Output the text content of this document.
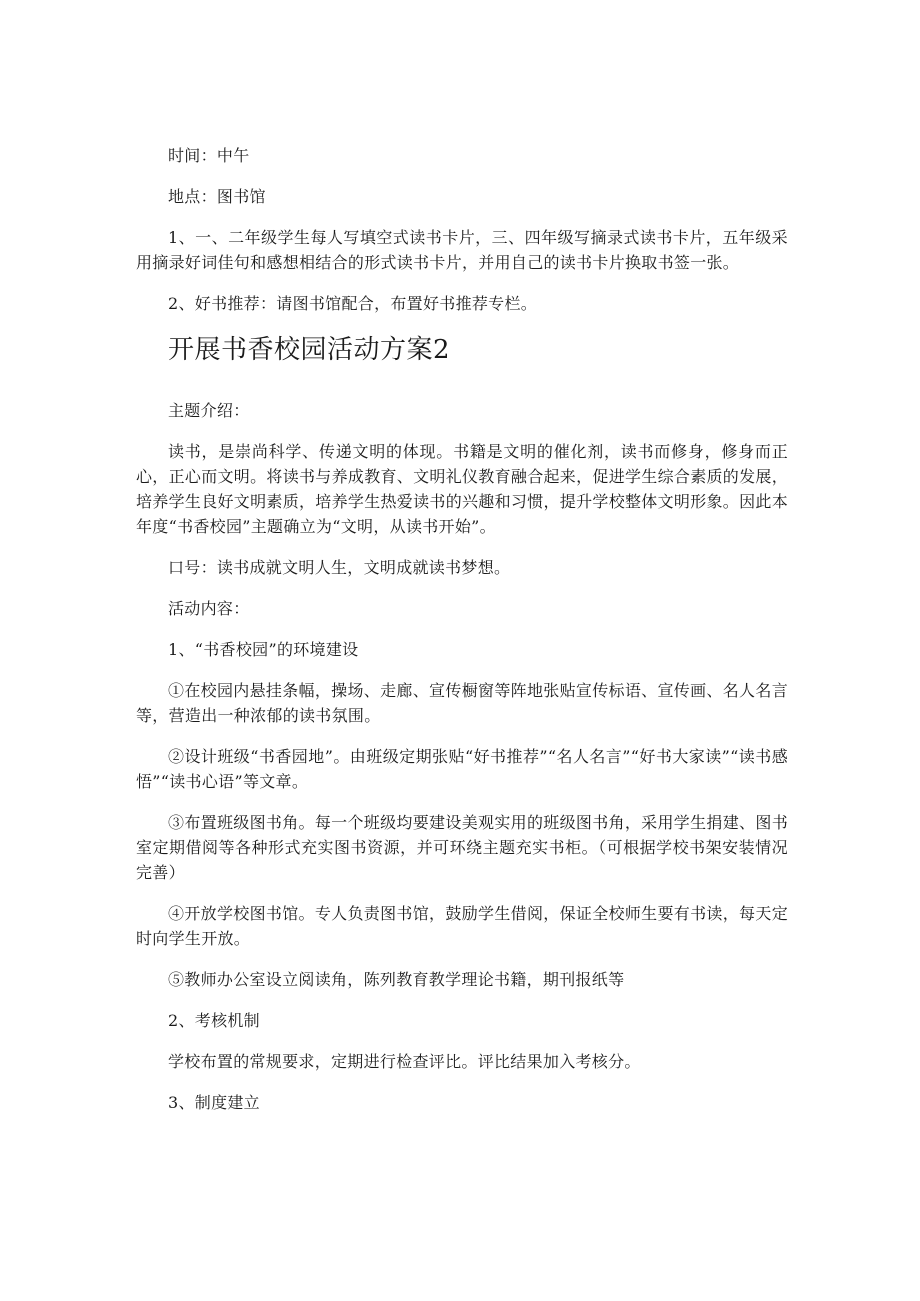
时间：中午

地点：图书馆

1、一、二年级学生每人写填空式读书卡片，三、四年级写摘录式读书卡片，五年级采用摘录好词佳句和感想相结合的形式读书卡片，并用自己的读书卡片换取书签一张。

2、好书推荐：请图书馆配合，布置好书推荐专栏。

开展书香校园活动方案2

主题介绍：

读书，是崇尚科学、传递文明的体现。书籍是文明的催化剂，读书而修身，修身而正心，正心而文明。将读书与养成教育、文明礼仪教育融合起来，促进学生综合素质的发展，培养学生良好文明素质，培养学生热爱读书的兴趣和习惯，提升学校整体文明形象。因此本年度“书香校园”主题确立为“文明，从读书开始”。

口号：读书成就文明人生，文明成就读书梦想。

活动内容：

1、“书香校园”的环境建设

①在校园内悬挂条幅，操场、走廊、宣传橱窗等阵地张贴宣传标语、宣传画、名人名言等，营造出一种浓郁的读书氛围。

②设计班级“书香园地”。由班级定期张贴“好书推荐”“名人名言”“好书大家读”“读书感悟”“读书心语”等文章。

③布置班级图书角。每一个班级均要建设美观实用的班级图书角，采用学生捐建、图书室定期借阅等各种形式充实图书资源，并可环绕主题充实书柜。（可根据学校书架安装情况完善）

④开放学校图书馆。专人负责图书馆，鼓励学生借阅，保证全校师生要有书读，每天定时向学生开放。

⑤教师办公室设立阅读角，陈列教育教学理论书籍，期刊报纸等

2、考核机制

学校布置的常规要求，定期进行检查评比。评比结果加入考核分。

3、制度建立
